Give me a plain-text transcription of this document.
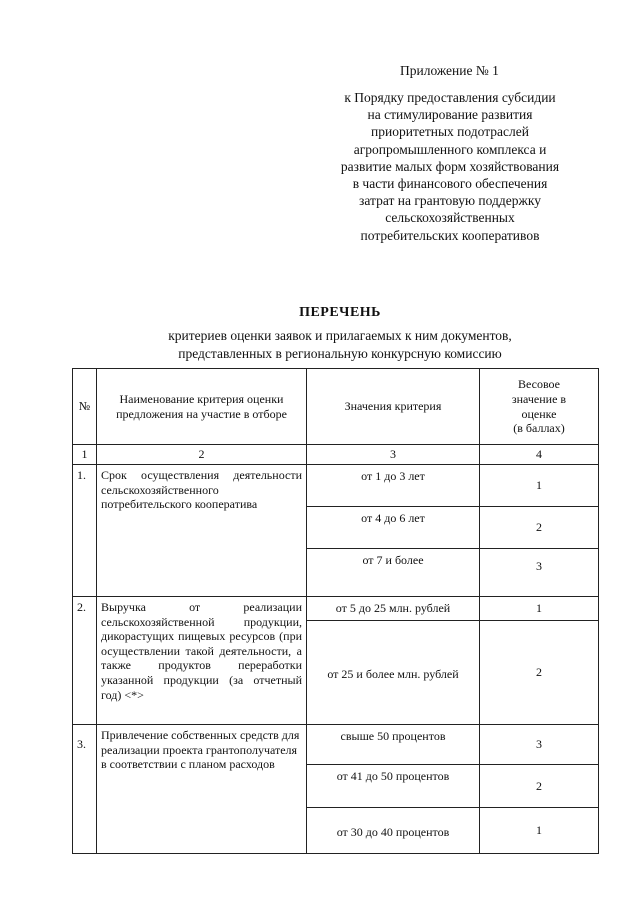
Приложение № 1
к Порядку предоставления субсидии
на стимулирование развития
приоритетных подотраслей
агропромышленного комплекса и
развитие малых форм хозяйствования
в части финансового обеспечения
затрат на грантовую поддержку
сельскохозяйственных
потребительских кооперативов
ПЕРЕЧЕНЬ
критериев оценки заявок и прилагаемых к ним документов,
представленных в региональную конкурсную комиссию
№	Наименование критерия оценки предложения на участие в отборе	Значения критерия	Весовое
значение в
оценке
(в баллах)

1	2	3	4
1.	Срок осуществления деятельности сельскохозяйственного потребительского кооператива	от 1 до 3 лет	1
		от 4 до 6 лет	2
		от 7 и более	3
2.	Выручка от реализации сельскохозяйственной продукции, дикорастущих пищевых ресурсов (при осуществлении такой деятельности, а также продуктов переработки указанной продукции (за отчетный год) <*>	от 5 до 25 млн. рублей	1
		от 25 и более млн. рублей	2
3.	Привлечение собственных средств для реализации проекта грантополучателя в соответствии с планом расходов	свыше 50 процентов	3
		от 41 до 50 процентов	2
		от 30 до 40 процентов	1
